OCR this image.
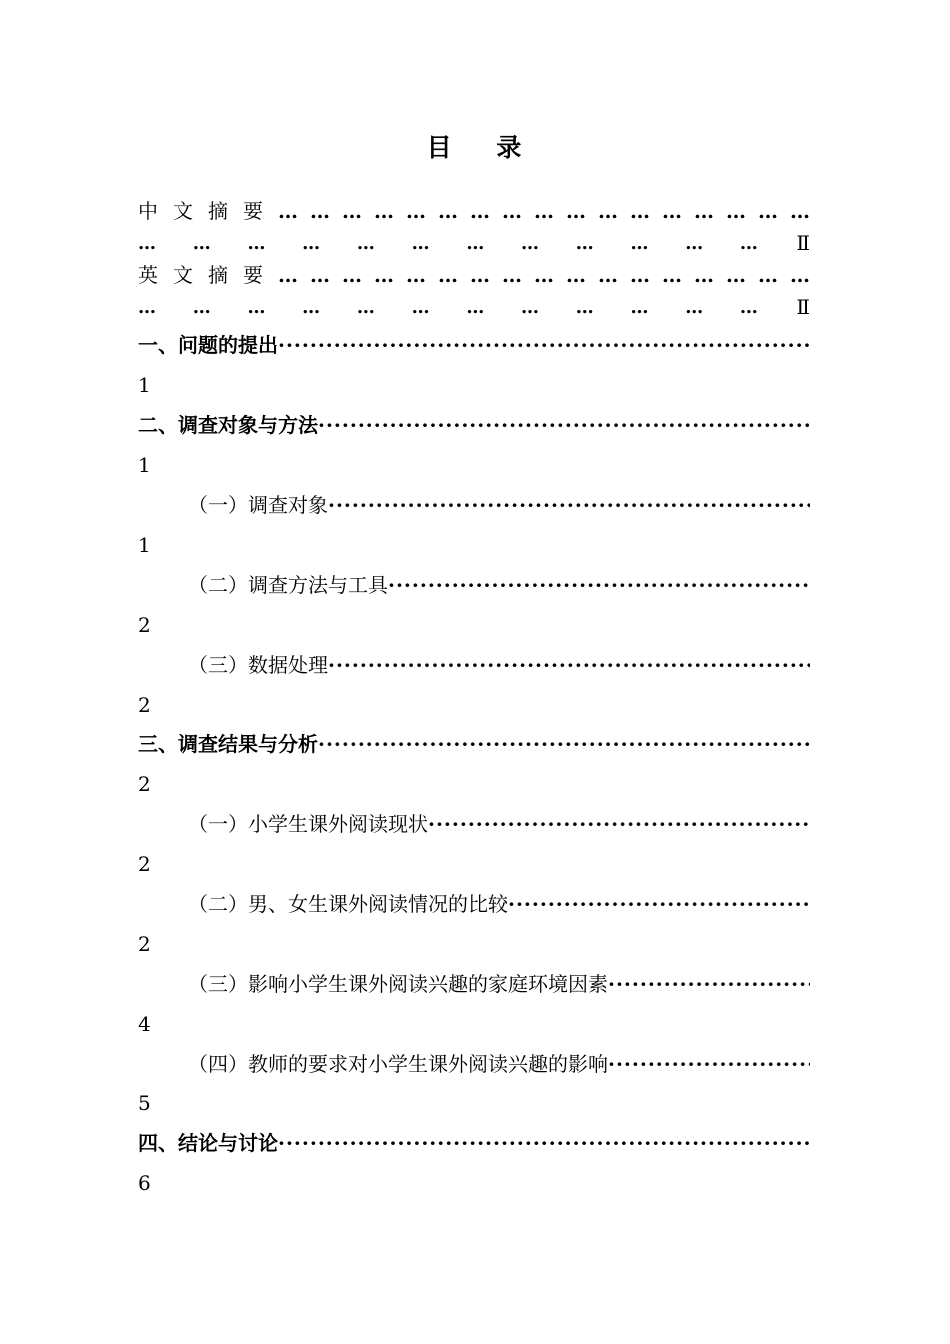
目    录
中文摘要
……………………………………………………………………
… … … … … … … … … … … …	Ⅱ
英文摘要
……………………………………………………………………
… … … … … … … … … … … …	Ⅱ
一、问题的提出
·····
1
二、调查对象与方法
·····
1
（一）调查对象
·····
1
（二）调查方法与工具
·····
2
（三）数据处理
·····
2
三、调查结果与分析
·····
2
（一）小学生课外阅读现状
·····
2
（二）男、女生课外阅读情况的比较
·····
2
（三）影响小学生课外阅读兴趣的家庭环境因素
·····
4
（四）教师的要求对小学生课外阅读兴趣的影响
·····
5
四、结论与讨论
·····
6
